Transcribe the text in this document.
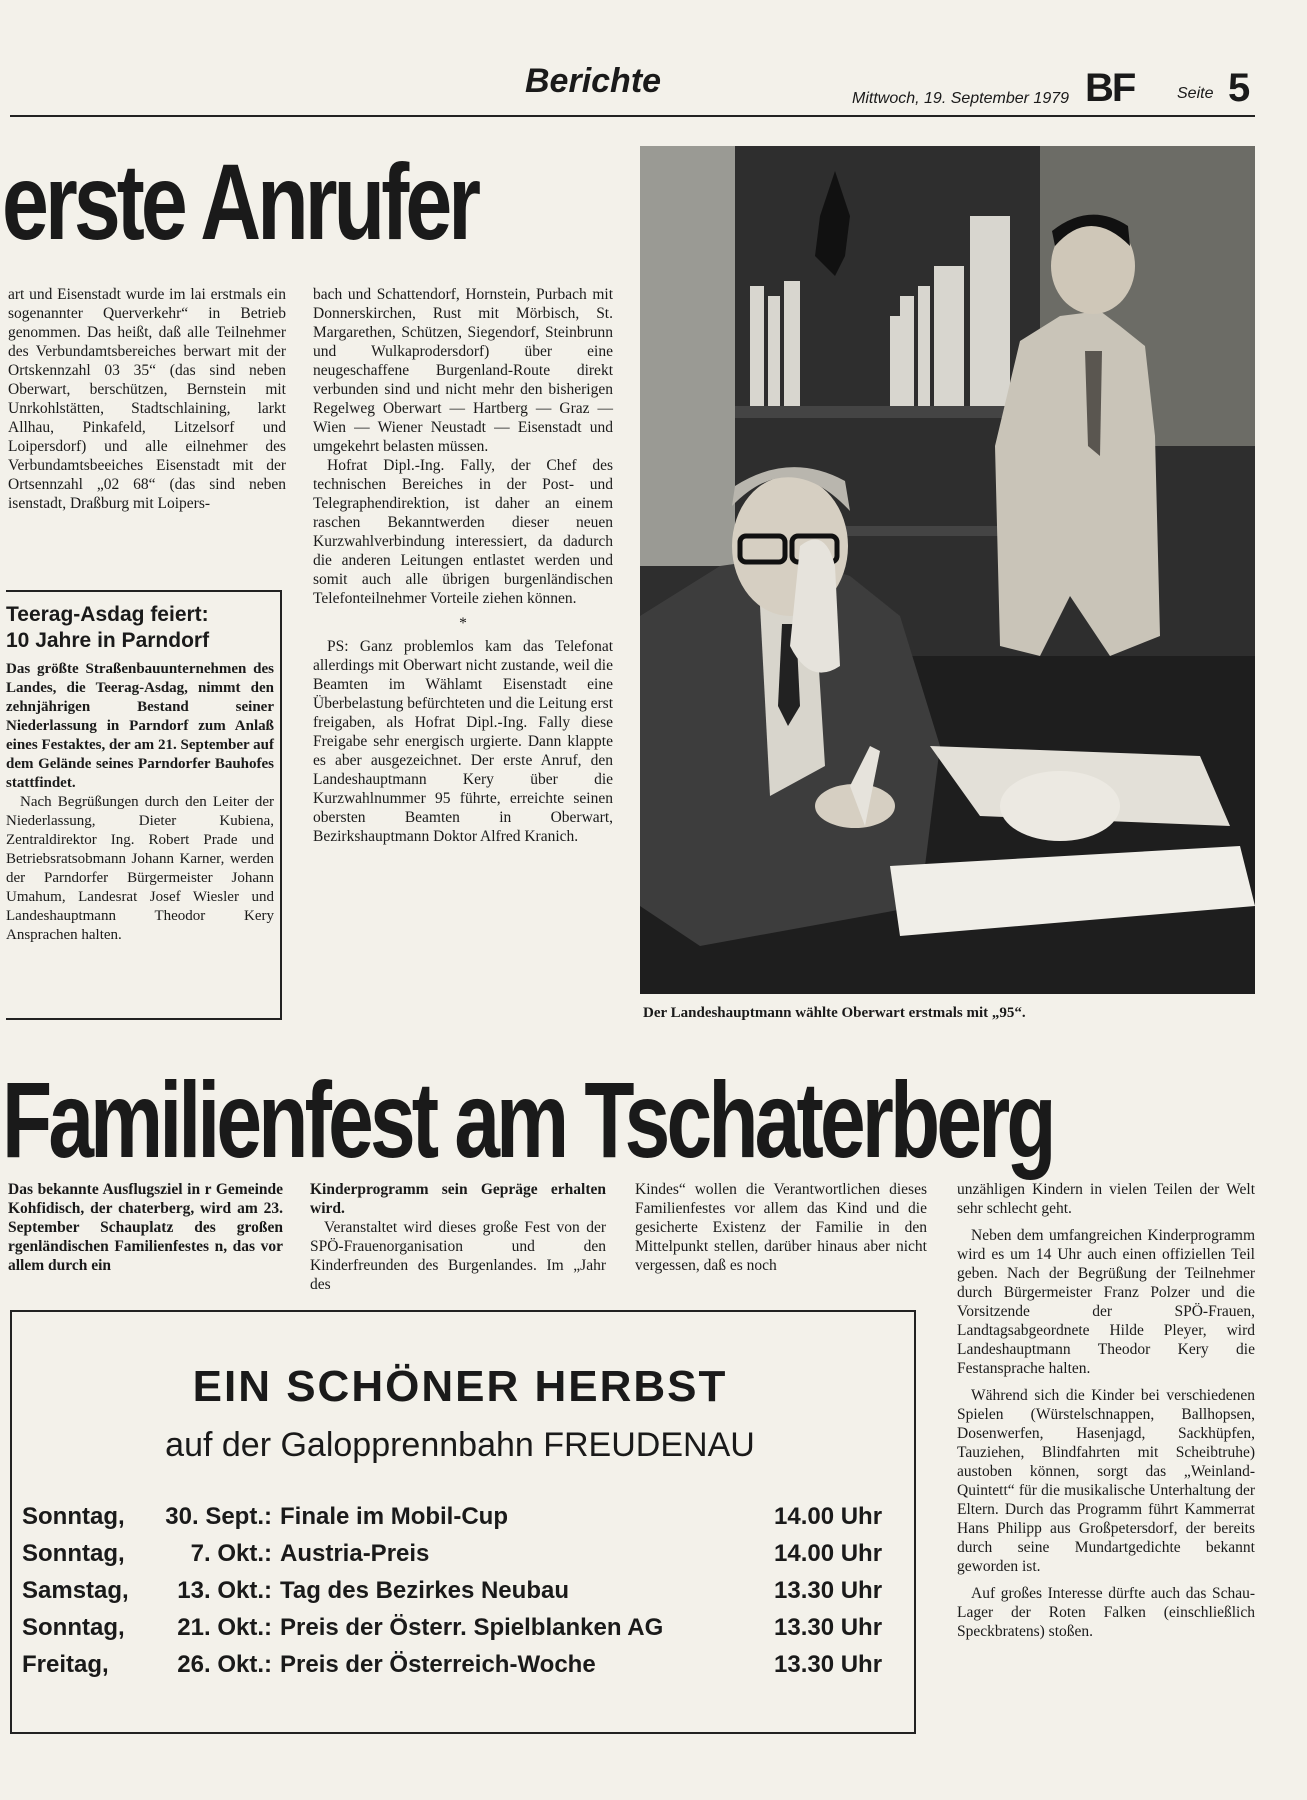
Berichte	Mittwoch, 19. September 1979 BF	Seite 5
erste Anrufer

art und Eisenstadt wurde im lai erstmals ein sogenannter Querverkehr“ in Betrieb genommen. Das heißt, daß alle Teilnehmer des Verbundamtsbereiches berwart mit der Ortskennzahl 03 35“ (das sind neben Oberwart, berschützen, Bernstein mit Unrkohlstätten, Stadtschlaining, larkt Allhau, Pinkafeld, Litzelsorf und Loipersdorf) und alle eilnehmer des Verbundamtsbeeiches Eisenstadt mit der Ortsennzahl „02 68“ (das sind neben isenstadt, Draßburg mit Loipers-

Teerag-Asdag feiert:
10 Jahre in Parndorf

Das größte Straßenbauunternehmen des Landes, die Teerag-Asdag, nimmt den zehnjährigen Bestand seiner Niederlassung in Parndorf zum Anlaß eines Festaktes, der am 21. September auf dem Gelände seines Parndorfer Bauhofes stattfindet.

Nach Begrüßungen durch den Leiter der Niederlassung, Dieter Kubiena, Zentraldirektor Ing. Robert Prade und Betriebsratsobmann Johann Karner, werden der Parndorfer Bürgermeister Johann Umahum, Landesrat Josef Wiesler und Landeshauptmann Theodor Kery Ansprachen halten.

bach und Schattendorf, Hornstein, Purbach mit Donnerskirchen, Rust mit Mörbisch, St. Margarethen, Schützen, Siegendorf, Steinbrunn und Wulkaprodersdorf) über eine neugeschaffene Burgenland-Route direkt verbunden sind und nicht mehr den bisherigen Regelweg Oberwart — Hartberg — Graz — Wien — Wiener Neustadt — Eisenstadt und umgekehrt belasten müssen.

Hofrat Dipl.-Ing. Fally, der Chef des technischen Bereiches in der Post- und Telegraphendirektion, ist daher an einem raschen Bekanntwerden dieser neuen Kurzwahlverbindung interessiert, da dadurch die anderen Leitungen entlastet werden und somit auch alle übrigen burgenländischen Telefonteilnehmer Vorteile ziehen können.

*

PS: Ganz problemlos kam das Telefonat allerdings mit Oberwart nicht zustande, weil die Beamten im Wählamt Eisenstadt eine Überbelastung befürchteten und die Leitung erst freigaben, als Hofrat Dipl.-Ing. Fally diese Freigabe sehr energisch urgierte. Dann klappte es aber ausgezeichnet. Der erste Anruf, den Landeshauptmann Kery über die Kurzwahlnummer 95 führte, erreichte seinen obersten Beamten in Oberwart, Bezirkshauptmann Doktor Alfred Kranich.

Der Landeshauptmann wählte Oberwart erstmals mit „95“.
Familienfest am Tschaterberg

Das bekannte Ausflugsziel in r Gemeinde Kohfidisch, der chaterberg, wird am 23. September Schauplatz des großen rgenländischen Familienfestes n, das vor allem durch ein

Kinderprogramm sein Gepräge erhalten wird.

Veranstaltet wird dieses große Fest von der SPÖ-Frauenorganisation und den Kinderfreunden des Burgenlandes. Im „Jahr des

Kindes“ wollen die Verantwortlichen dieses Familienfestes vor allem das Kind und die gesicherte Existenz der Familie in den Mittelpunkt stellen, darüber hinaus aber nicht vergessen, daß es noch

unzähligen Kindern in vielen Teilen der Welt sehr schlecht geht.

Neben dem umfangreichen Kinderprogramm wird es um 14 Uhr auch einen offiziellen Teil geben. Nach der Begrüßung der Teilnehmer durch Bürgermeister Franz Polzer und die Vorsitzende der SPÖ-Frauen, Landtagsabgeordnete Hilde Pleyer, wird Landeshauptmann Theodor Kery die Festansprache halten.

Während sich die Kinder bei verschiedenen Spielen (Würstelschnappen, Ballhopsen, Dosenwerfen, Hasenjagd, Sackhüpfen, Tauziehen, Blindfahrten mit Scheibtruhe) austoben können, sorgt das „Weinland-Quintett“ für die musikalische Unterhaltung der Eltern. Durch das Programm führt Kammerrat Hans Philipp aus Großpetersdorf, der bereits durch seine Mundartgedichte bekannt geworden ist.

Auf großes Interesse dürfte auch das Schau-Lager der Roten Falken (einschließlich Speckbratens) stoßen.

EIN SCHÖNER HERBST
auf der Galopprennbahn FREUDENAU
Sonntag,	30. Sept.: Finale im Mobil-Cup	14.00 Uhr
Sonntag,	7. Okt.: Austria-Preis	14.00 Uhr
Samstag,	13. Okt.: Tag des Bezirkes Neubau	13.30 Uhr
Sonntag,	21. Okt.: Preis der Österr. Spielblanken AG	13.30 Uhr
Freitag,	26. Okt.: Preis der Österreich-Woche	13.30 Uhr
